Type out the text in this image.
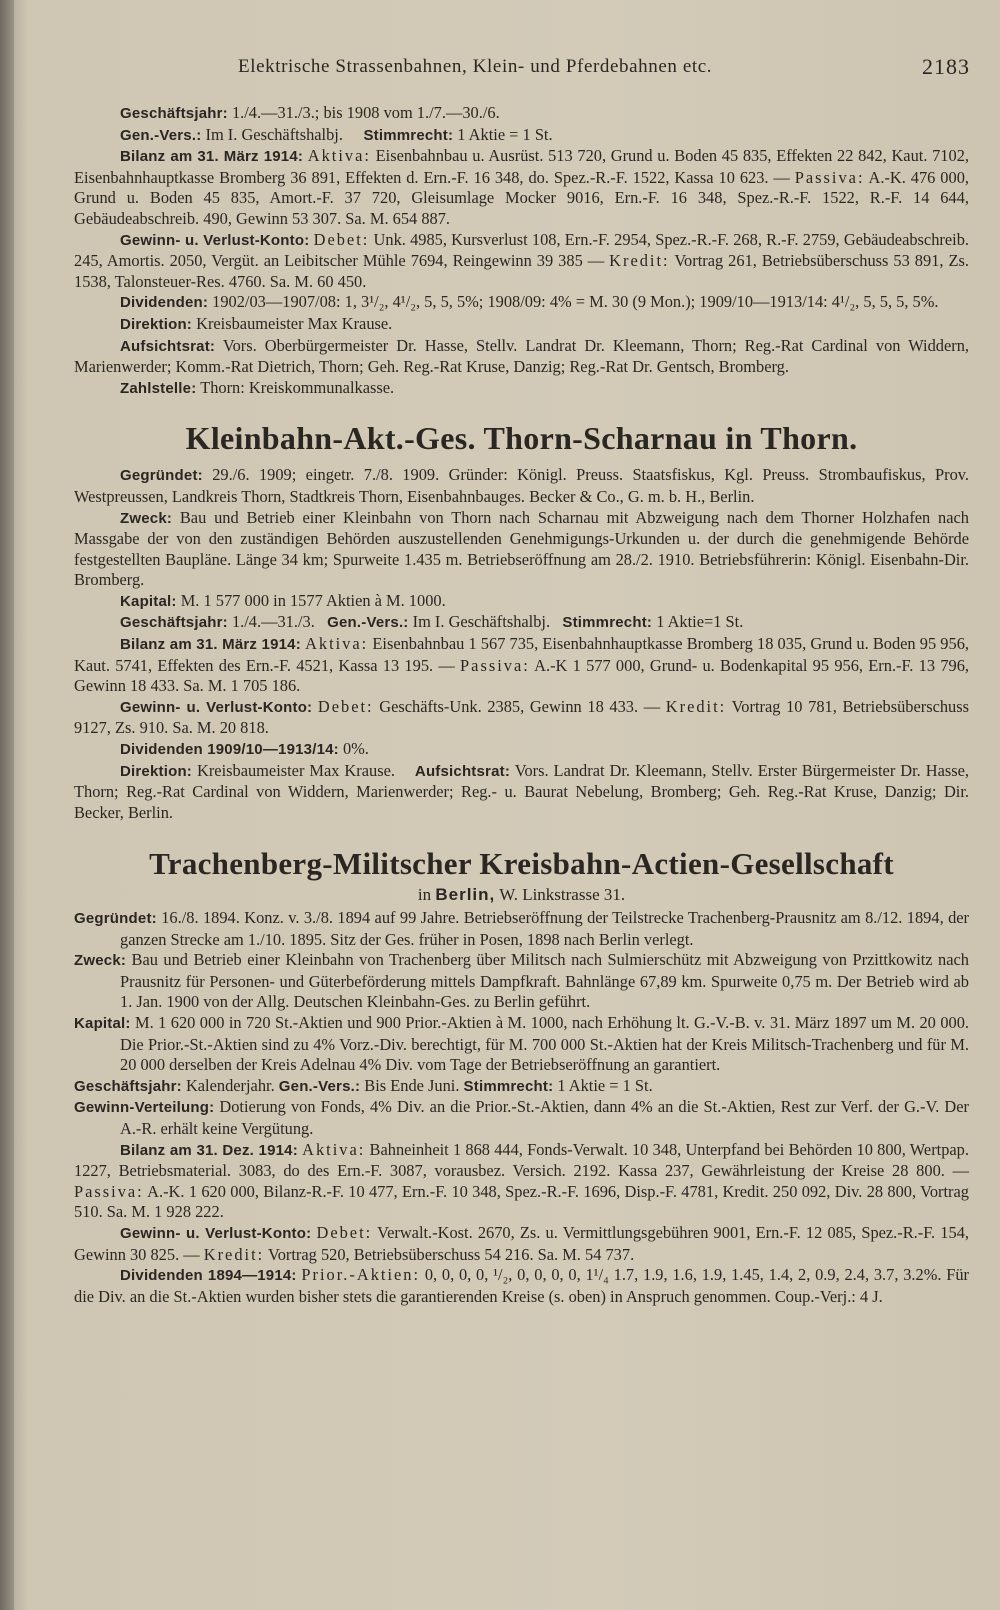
Elektrische Strassenbahnen, Klein- und Pferdebahnen etc.	2183

Geschäftsjahr: 1./4.—31./3.; bis 1908 vom 1./7.—30./6.

Gen.-Vers.: Im I. Geschäftshalbj. Stimmrecht: 1 Aktie = 1 St.

Bilanz am 31. März 1914: Aktiva: Eisenbahnbau u. Ausrüst. 513 720, Grund u. Boden 45 835, Effekten 22 842, Kaut. 7102, Eisenbahnhauptkasse Bromberg 36 891, Effekten d. Ern.-F. 16 348, do. Spez.-R.-F. 1522, Kassa 10 623. — Passiva: A.-K. 476 000, Grund u. Boden 45 835, Amort.-F. 37 720, Gleisumlage Mocker 9016, Ern.-F. 16 348, Spez.-R.-F. 1522, R.-F. 14 644, Gebäudeabschreib. 490, Gewinn 53 307. Sa. M. 654 887.

Gewinn- u. Verlust-Konto: Debet: Unk. 4985, Kursverlust 108, Ern.-F. 2954, Spez.-R.-F. 268, R.-F. 2759, Gebäudeabschreib. 245, Amortis. 2050, Vergüt. an Leibitscher Mühle 7694, Reingewinn 39 385 — Kredit: Vortrag 261, Betriebsüberschuss 53 891, Zs. 1538, Talonsteuer-Res. 4760. Sa. M. 60 450.

Dividenden: 1902/03—1907/08: 1, 3¹/₂, 4¹/₂, 5, 5, 5%; 1908/09: 4% = M. 30 (9 Mon.); 1909/10—1913/14: 4¹/₂, 5, 5, 5, 5%.

Direktion: Kreisbaumeister Max Krause.

Aufsichtsrat: Vors. Oberbürgermeister Dr. Hasse, Stellv. Landrat Dr. Kleemann, Thorn; Reg.-Rat Cardinal von Widdern, Marienwerder; Komm.-Rat Dietrich, Thorn; Geh. Reg.-Rat Kruse, Danzig; Reg.-Rat Dr. Gentsch, Bromberg.

Zahlstelle: Thorn: Kreiskommunalkasse.

Kleinbahn-Akt.-Ges. Thorn-Scharnau in Thorn.

Gegründet: 29./6. 1909; eingetr. 7./8. 1909. Gründer: Königl. Preuss. Staatsfiskus, Kgl. Preuss. Strombaufiskus, Prov. Westpreussen, Landkreis Thorn, Stadtkreis Thorn, Eisenbahnbauges. Becker & Co., G. m. b. H., Berlin.

Zweck: Bau und Betrieb einer Kleinbahn von Thorn nach Scharnau mit Abzweigung nach dem Thorner Holzhafen nach Massgabe der von den zuständigen Behörden auszustellenden Genehmigungs-Urkunden u. der durch die genehmigende Behörde festgestellten Baupläne. Länge 34 km; Spurweite 1.435 m. Betriebseröffnung am 28./2. 1910. Betriebsführerin: Königl. Eisenbahn-Dir. Bromberg.

Kapital: M. 1 577 000 in 1577 Aktien à M. 1000.

Geschäftsjahr: 1./4.—31./3. Gen.-Vers.: Im I. Geschäftshalbj. Stimmrecht: 1 Aktie=1 St.

Bilanz am 31. März 1914: Aktiva: Eisenbahnbau 1 567 735, Eisenbahnhauptkasse Bromberg 18 035, Grund u. Boden 95 956, Kaut. 5741, Effekten des Ern.-F. 4521, Kassa 13 195. — Passiva: A.-K 1 577 000, Grund- u. Bodenkapital 95 956, Ern.-F. 13 796, Gewinn 18 433. Sa. M. 1 705 186.

Gewinn- u. Verlust-Konto: Debet: Geschäfts-Unk. 2385, Gewinn 18 433. — Kredit: Vortrag 10 781, Betriebsüberschuss 9127, Zs. 910. Sa. M. 20 818.

Dividenden 1909/10—1913/14: 0%.

Direktion: Kreisbaumeister Max Krause.    Aufsichtsrat: Vors. Landrat Dr. Kleemann, Stellv. Erster Bürgermeister Dr. Hasse, Thorn; Reg.-Rat Cardinal von Widdern, Marienwerder; Reg.- u. Baurat Nebelung, Bromberg; Geh. Reg.-Rat Kruse, Danzig; Dir. Becker, Berlin.

Trachenberg-Militscher Kreisbahn-Actien-Gesellschaft

in Berlin, W. Linkstrasse 31.

Gegründet: 16./8. 1894. Konz. v. 3./8. 1894 auf 99 Jahre. Betriebseröffnung der Teilstrecke Trachenberg-Prausnitz am 8./12. 1894, der ganzen Strecke am 1./10. 1895. Sitz der Ges. früher in Posen, 1898 nach Berlin verlegt.

Zweck: Bau und Betrieb einer Kleinbahn von Trachenberg über Militsch nach Sulmierschütz mit Abzweigung von Przittkowitz nach Prausnitz für Personen- und Güterbeförderung mittels Dampfkraft. Bahnlänge 67,89 km. Spurweite 0,75 m. Der Betrieb wird ab 1. Jan. 1900 von der Allg. Deutschen Kleinbahn-Ges. zu Berlin geführt.

Kapital: M. 1 620 000 in 720 St.-Aktien und 900 Prior.-Aktien à M. 1000, nach Erhöhung lt. G.-V.-B. v. 31. März 1897 um M. 20 000. Die Prior.-St.-Aktien sind zu 4% Vorz.-Div. berechtigt, für M. 700 000 St.-Aktien hat der Kreis Militsch-Trachenberg und für M. 20 000 derselben der Kreis Adelnau 4% Div. vom Tage der Betriebseröffnung an garantiert.

Geschäftsjahr: Kalenderjahr. Gen.-Vers.: Bis Ende Juni. Stimmrecht: 1 Aktie = 1 St.

Gewinn-Verteilung: Dotierung von Fonds, 4% Div. an die Prior.-St.-Aktien, dann 4% an die St.-Aktien, Rest zur Verf. der G.-V. Der A.-R. erhält keine Vergütung.

Bilanz am 31. Dez. 1914: Aktiva: Bahneinheit 1 868 444, Fonds-Verwalt. 10 348, Unterpfand bei Behörden 10 800, Wertpap. 1227, Betriebsmaterial. 3083, do des Ern.-F. 3087, vorausbez. Versich. 2192. Kassa 237, Gewährleistung der Kreise 28 800. — Passiva: A.-K. 1 620 000, Bilanz-R.-F. 10 477, Ern.-F. 10 348, Spez.-R.-F. 1696, Disp.-F. 4781, Kredit. 250 092, Div. 28 800, Vortrag 510. Sa. M. 1 928 222.

Gewinn- u. Verlust-Konto: Debet: Verwalt.-Kost. 2670, Zs. u. Vermittlungsgebühren 9001, Ern.-F. 12 085, Spez.-R.-F. 154, Gewinn 30 825. — Kredit: Vortrag 520, Betriebsüberschuss 54 216. Sa. M. 54 737.

Dividenden 1894—1914: Prior.-Aktien: 0, 0, 0, 0, ¹/₂, 0, 0, 0, 0, 1¹/₄ 1.7, 1.9, 1.6, 1.9, 1.45, 1.4, 2, 0.9, 2.4, 3.7, 3.2%. Für die Div. an die St.-Aktien wurden bisher stets die garantierenden Kreise (s. oben) in Anspruch genommen. Coup.-Verj.: 4 J.
